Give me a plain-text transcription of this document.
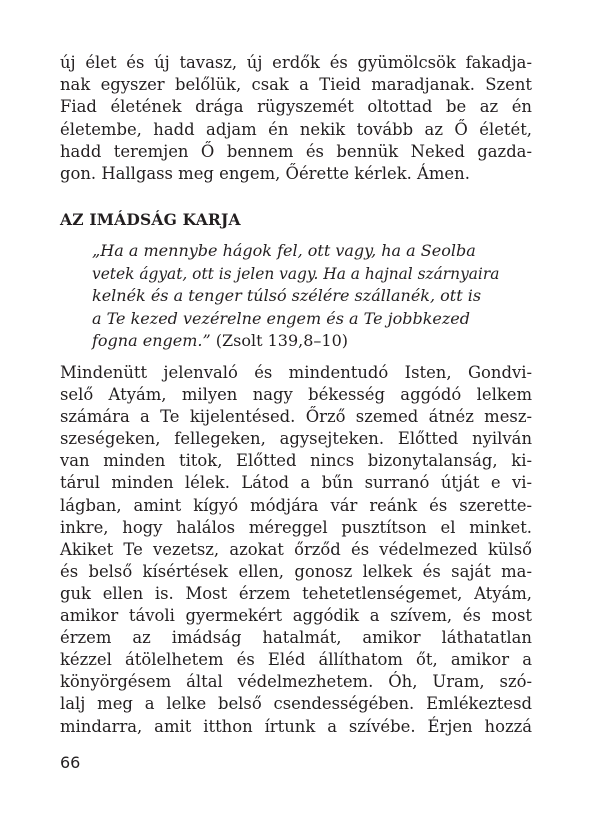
új élet és új tavasz, új erdők és gyümölcsök fakadja-
nak egyszer belőlük, csak a Tieid maradjanak. Szent
Fiad életének drága rügyszemét oltottad be az én
életembe, hadd adjam én nekik tovább az Ő életét,
hadd teremjen Ő bennem és bennük Neked gazda-
gon. Hallgass meg engem, Őérette kérlek. Ámen.
AZ IMÁDSÁG KARJA
„Ha a mennybe hágok fel, ott vagy, ha a Seolba
vetek ágyat, ott is jelen vagy. Ha a hajnal szárnyaira
kelnék és a tenger túlsó szélére szállanék, ott is
a Te kezed vezérelne engem és a Te jobbkezed
fogna engem.” (Zsolt 139,8–10)
Mindenütt jelenvaló és mindentudó Isten, Gondvi-
selő Atyám, milyen nagy békesség aggódó lelkem
számára a Te kijelentésed. Őrző szemed átnéz mesz-
szeségeken, fellegeken, agysejteken. Előtted nyilván
van minden titok, Előtted nincs bizonytalanság, ki-
tárul minden lélek. Látod a bűn surranó útját e vi-
lágban, amint kígyó módjára vár reánk és szerette-
inkre, hogy halálos méreggel pusztítson el minket.
Akiket Te vezetsz, azokat őrződ és védelmezed külső
és belső kísértések ellen, gonosz lelkek és saját ma-
guk ellen is. Most érzem tehetetlenségemet, Atyám,
amikor távoli gyermekért aggódik a szívem, és most
érzem az imádság hatalmát, amikor láthatatlan
kézzel átölelhetem és Eléd állíthatom őt, amikor a
könyörgésem által védelmezhetem. Óh, Uram, szó-
lalj meg a lelke belső csendességében. Emlékeztesd
mindarra, amit itthon írtunk a szívébe. Érjen hozzá
66
